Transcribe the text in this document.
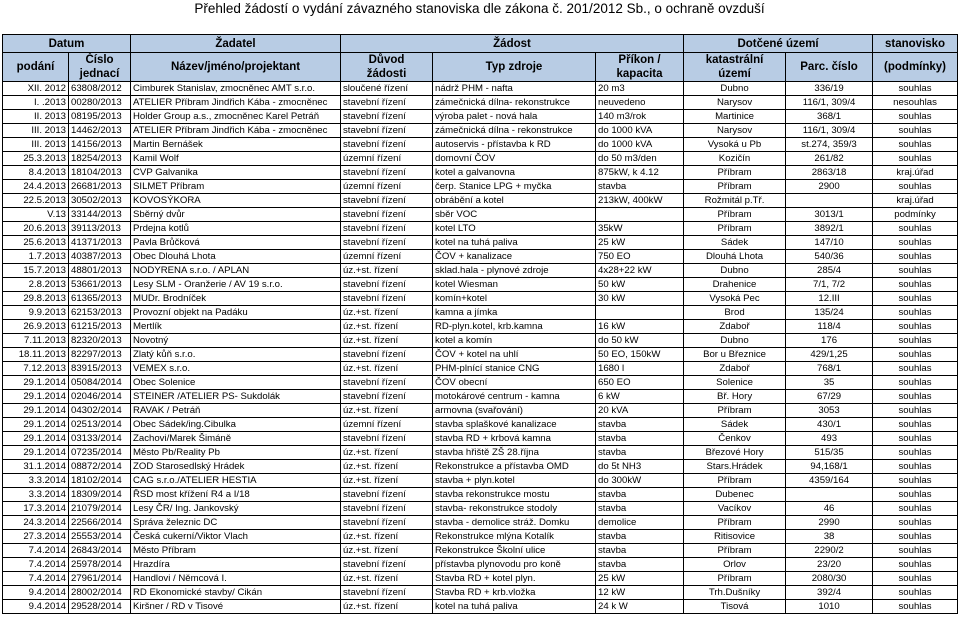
Přehled žádostí o vydání závazného stanoviska dle zákona č. 201/2012 Sb., o ochraně ovzduší
Datum		Žadatel	Žádost			Dotčené území		stanovisko
podání	Číslo	Název/jméno/projektant	Důvod	Typ zdroje	Příkon /	katastrální	Parc. číslo	(podmínky)
	jednací		žádosti		kapacita	území		
XII. 2012	63808/2012	Cimburek Stanislav, zmocněnec AMT s.r.o.	sloučené řízení	nádrž PHM - nafta	20 m3	Dubno	336/19	souhlas
I. .2013	00280/2013	ATELIER Příbram Jindřich Kába - zmocněnec	stavební řízení	zámečnická dílna- rekonstrukce	neuvedeno	Narysov	116/1, 309/4	nesouhlas
II. 2013	08195/2013	Holder Group a.s., zmocněnec Karel Petráň	stavební řízení	výroba palet - nová hala	140 m3/rok	Martinice	368/1	souhlas
III. 2013	14462/2013	ATELIER Příbram Jindřich Kába - zmocněnec	stavební řízení	zámečnická dílna - rekonstrukce	do 1000 kVA	Narysov	116/1, 309/4	souhlas
III. 2013	14156/2013	Martin Bernášek	stavební řízení	autoservis - přístavba k RD	do 1000 kVA	Vysoká u Pb	st.274, 359/3	souhlas
25.3.2013	18254/2013	Kamil Wolf	územní řízení	domovní ČOV	do 50 m3/den	Kozičín	261/82	souhlas
8.4.2013	18104/2013	CVP Galvanika	stavební řízení	kotel a galvanovna	875kW, k 4.12	Příbram	2863/18	kraj.úřad
24.4.2013	26681/2013	SILMET Příbram	územní řízení	čerp. Stanice LPG + myčka	stavba	Příbram	2900	souhlas
22.5.2013	30502/2013	KOVOSÝKORA	stavební řízení	obrábění a kotel	213kW, 400kW	Rožmitál p.Tř.		kraj.úřad
V.13	33144/2013	Sběrný dvůr	stavební řízení	sběr VOC		Příbram	3013/1	podmínky
20.6.2013	39113/2013	Prdejna kotlů	stavební řízení	kotel LTO	35kW	Příbram	3892/1	souhlas
25.6.2013	41371/2013	Pavla Brůčková	stavební řízení	kotel na tuhá paliva	25 kW	Sádek	147/10	souhlas
1.7.2013	40387/2013	Obec Dlouhá Lhota	územní řízení	ČOV + kanalizace	750 EO	Dlouhá Lhota	540/36	souhlas
15.7.2013	48801/2013	NODYRENA s.r.o. / APLAN	úz.+st. řízení	sklad.hala - plynové zdroje	4x28+22 kW	Dubno	285/4	souhlas
2.8.2013	53661/2013	Lesy SLM - Oranžerie / AV 19 s.r.o.	stavební řízení	kotel Wiesman	50 kW	Drahenice	7/1, 7/2	souhlas
29.8.2013	61365/2013	MUDr. Brodníček	stavební řízení	komín+kotel	30 kW	Vysoká Pec	12.III	souhlas
9.9.2013	62153/2013	Provozní objekt na Padáku	úz.+st. řízení	kamna a jímka		Brod	135/24	souhlas
26.9.2013	61215/2013	Mertlík	úz.+st. řízení	RD-plyn.kotel, krb.kamna	16 kW	Zdaboř	118/4	souhlas
7.11.2013	82320/2013	Novotný	úz.+st. řízení	kotel a komín	do 50 kW	Dubno	176	souhlas
18.11.2013	82297/2013	Zlatý kůň s.r.o.	stavební řízení	ČOV + kotel na uhlí	50 EO, 150kW	Bor u Březnice	429/1,25	souhlas
7.12.2013	83915/2013	VEMEX s.r.o.	úz.+st. řízení	PHM-plnící stanice CNG	1680 l	Zdaboř	768/1	souhlas
29.1.2014	05084/2014	Obec Solenice	stavební řízení	ČOV obecní	650 EO	Solenice	35	souhlas
29.1.2014	02046/2014	STEINER /ATELIER PS- Sukdolák	stavební řízení	motokárové centrum - kamna	6 kW	Bř. Hory	67/29	souhlas
29.1.2014	04302/2014	RAVAK / Petráň	úz.+st. řízení	armovna (svařování)	20 kVA	Příbram	3053	souhlas
29.1.2014	02513/2014	Obec Sádek/ing.Cibulka	územní řízení	stavba splaškové kanalizace	stavba	Sádek	430/1	souhlas
29.1.2014	03133/2014	Zachovi/Marek Šimáně	stavební řízení	stavba RD + krbová kamna	stavba	Čenkov	493	souhlas
29.1.2014	07235/2014	Město Pb/Reality Pb	úz.+st. řízení	stavba hřiště ZŠ 28.října	stavba	Březové Hory	515/35	souhlas
31.1.2014	08872/2014	ZOD Starosedlský Hrádek	úz.+st. řízení	Rekonstrukce a přístavba OMD	do 5t NH3	Stars.Hrádek	94,168/1	souhlas
3.3.2014	18102/2014	CAG s.r.o./ATELIER HESTIA	úz.+st. řízení	stavba + plyn.kotel	do 300kW	Příbram	4359/164	souhlas
3.3.2014	18309/2014	ŘSD most křížení R4 a I/18	stavební řízení	stavba rekonstrukce mostu	stavba	Dubenec		souhlas
17.3.2014	21079/2014	Lesy ČR/ Ing. Jankovský	stavební řízení	stavba- rekonstrukce stodoly	stavba	Vacíkov	46	souhlas
24.3.2014	22566/2014	Správa železnic DC	stavební řízení	stavba - demolice stráž. Domku	demolice	Příbram	2990	souhlas
27.3.2014	25553/2014	Česká cukerní/Viktor Vlach	úz.+st. řízení	Rekonstrukce mlýna Kotalík	stavba	Ritisovice	38	souhlas
7.4.2014	26843/2014	Město Příbram	úz.+st. řízení	Rekonstrukce Školní ulice	stavba	Příbram	2290/2	souhlas
7.4.2014	25978/2014	Hrazdíra	stavební řízení	přístavba plynovodu pro koně	stavba	Orlov	23/20	souhlas
7.4.2014	27961/2014	Handlovi / Němcová I.	úz.+st. řízení	Stavba RD + kotel plyn.	25 kW	Příbram	2080/30	souhlas
9.4.2014	28002/2014	RD Ekonomické stavby/ Cikán	stavební řízení	Stavba RD + krb.vložka	12 kW	Trh.Dušníky	392/4	souhlas
9.4.2014	29528/2014	Kiršner / RD v Tisové	úz.+st. řízení	kotel na tuhá paliva	24 k W	Tisová	1010	souhlas
